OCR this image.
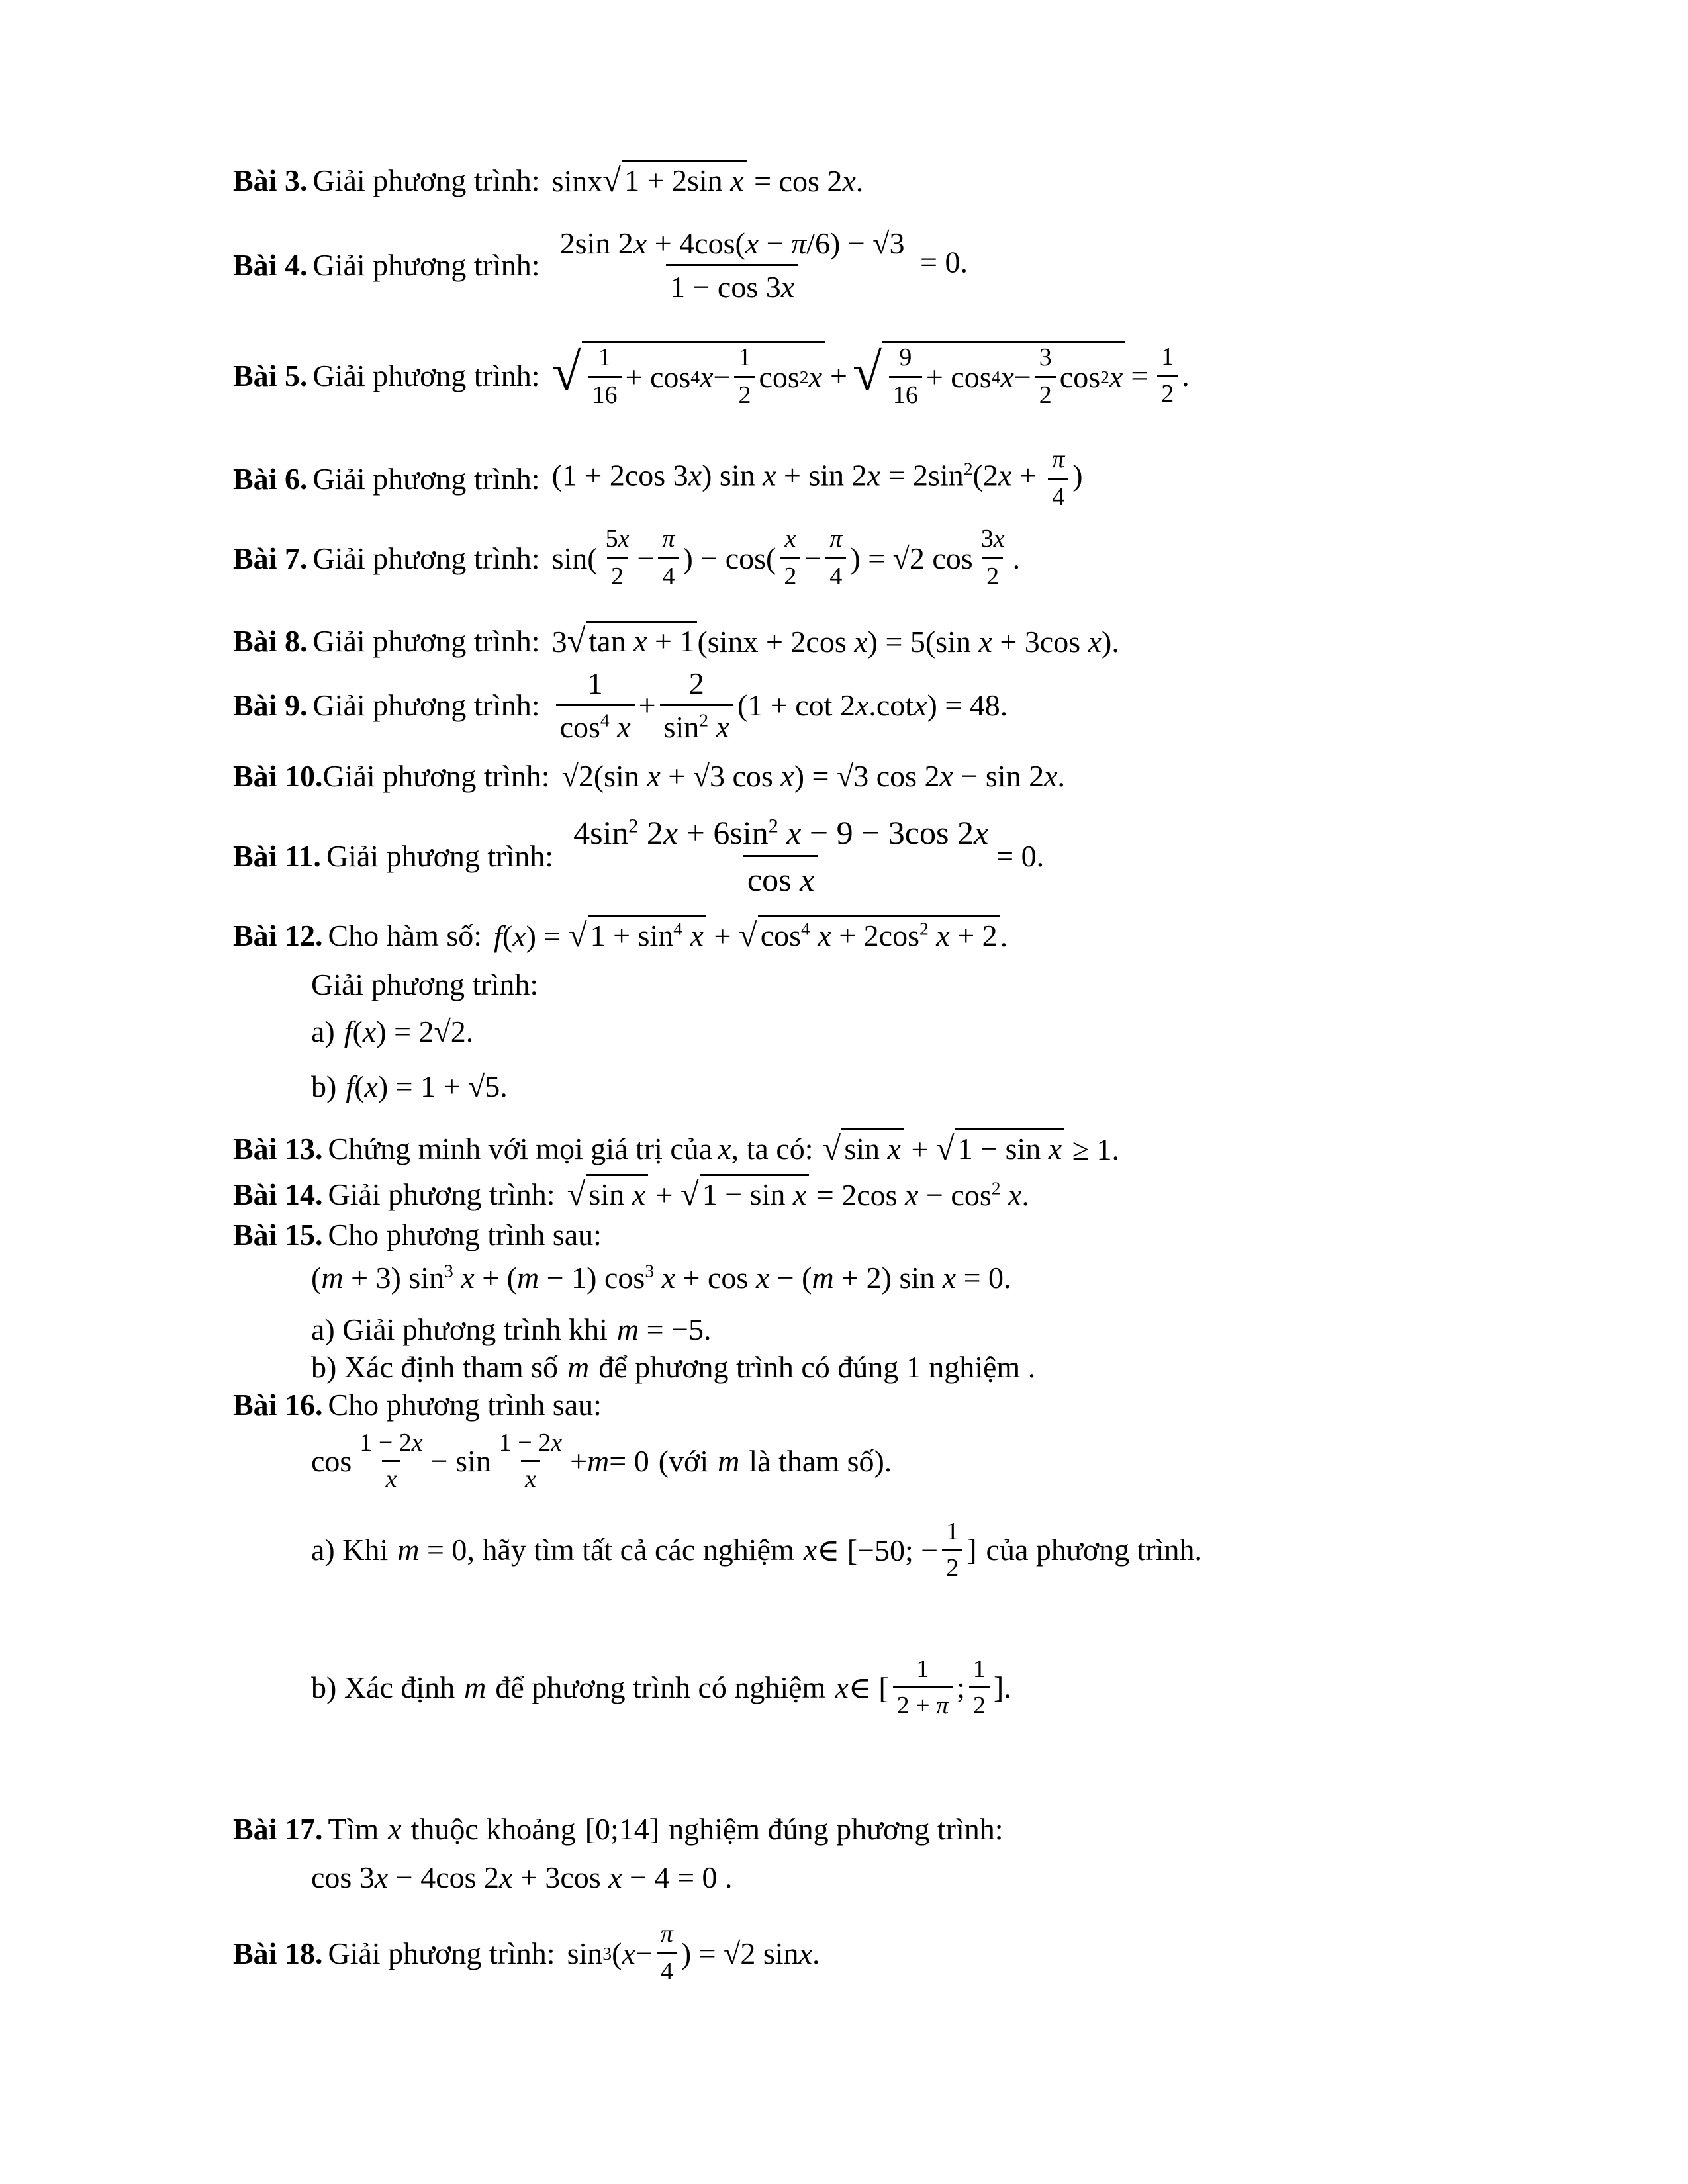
Bài 3. Giải phương trình: sinx √ 1 + 2sin x = cos 2x.
Bài 4. Giải phương trình: $\frac{2\sin 2x + 4\cos(x - \pi/6) - √3}{1 - \cos 3x} = 0$.
Bài 5. Giải phương trình: √ $\frac{1}{16} + \cos 4$ $x - \frac{1}{2}$ cos 2 x + √ $\frac{9}{16} + \cos 4$ $x - \frac{3}{2}$ cos 2 $x = \frac{1}{2}$ .
Bài 6. Giải phương trình: (1 + 2cos 3x) $\sin x + \sin 2x = 2\sin^2(2x + \frac{\pi}{4}$ )
Bài 7. Giải phương trình: $\sin( \frac{5x}{2} - \frac{\pi}{4}$ ) − $\cos( \frac{x}{2} - \frac{\pi}{4}$ ) = √2 $\cos \frac{3x}{2}$ .
Bài 8. Giải phương trình: 3 √ tan x + 1 (sinx + 2cos x) = 5(sin x + 3cos x).
Bài 9. Giải phương trình: $\frac{1}{\cos^4 x} + \frac{2}{\sin^2 x} (1 + \cot 2$ x .cot x ) = 48.
Bài 10. Giải phương trình: √2(sin x + √3 cos x) = √3 cos 2x − sin 2x.
Bài 11. Giải phương trình: $\frac{4\sin^2 2x + 6\sin^2 x - 9 - 3\cos 2x}{\text{cos x}} = 0$.
Bài 12. Cho hàm số: f(x) = √ $1 + \sin^4 x$ + √ $\cos^4 x + 2\cos^2$ x + 2 .
Giải phương trình:
a) f(x) = 2√2.
b) f(x) = 1 + √5.
Bài 13. Chứng minh với mọi giá trị của x , ta có: √ sin x + √ 1 − sin x ≥ 1.
Bài 14. Giải phương trình: √ sin x + √ 1 − sin x = 2cos $x - \cos^2 x$.
Bài 15. Cho phương trình sau:
(m + 3) $\sin^3 x + (m - 1)$ $\cos^3 x + \cos x - (m + 2)$ sin x = 0.
a) Giải phương trình khi m = −5.
b) Xác định tham số m để phương trình có đúng 1 nghiệm .
Bài 16. Cho phương trình sau:
$\cos \frac{1 - 2x}{x} - \sin \frac{1 - 2x}{x} + m = 0$ (với m là tham số).
a) Khi m = 0 , hãy tìm tất cả các nghiệm x ∈ [−50; − $\frac{1}{2}$ ] của phương trình.
b) Xác định m để phương trình có nghiệm x ∈ [ $\frac{1}{2 + \pi}$ ; $\frac{1}{2}$ ].
Bài 17. Tìm x thuộc khoảng [0;14] nghiệm đúng phương trình:
cos 3x − 4cos 2x + 3cos x − 4 = 0 .
Bài 18. Giải phương trình: sin 3 ( $x - \frac{\pi}{4}$ ) = √2 sin x .
